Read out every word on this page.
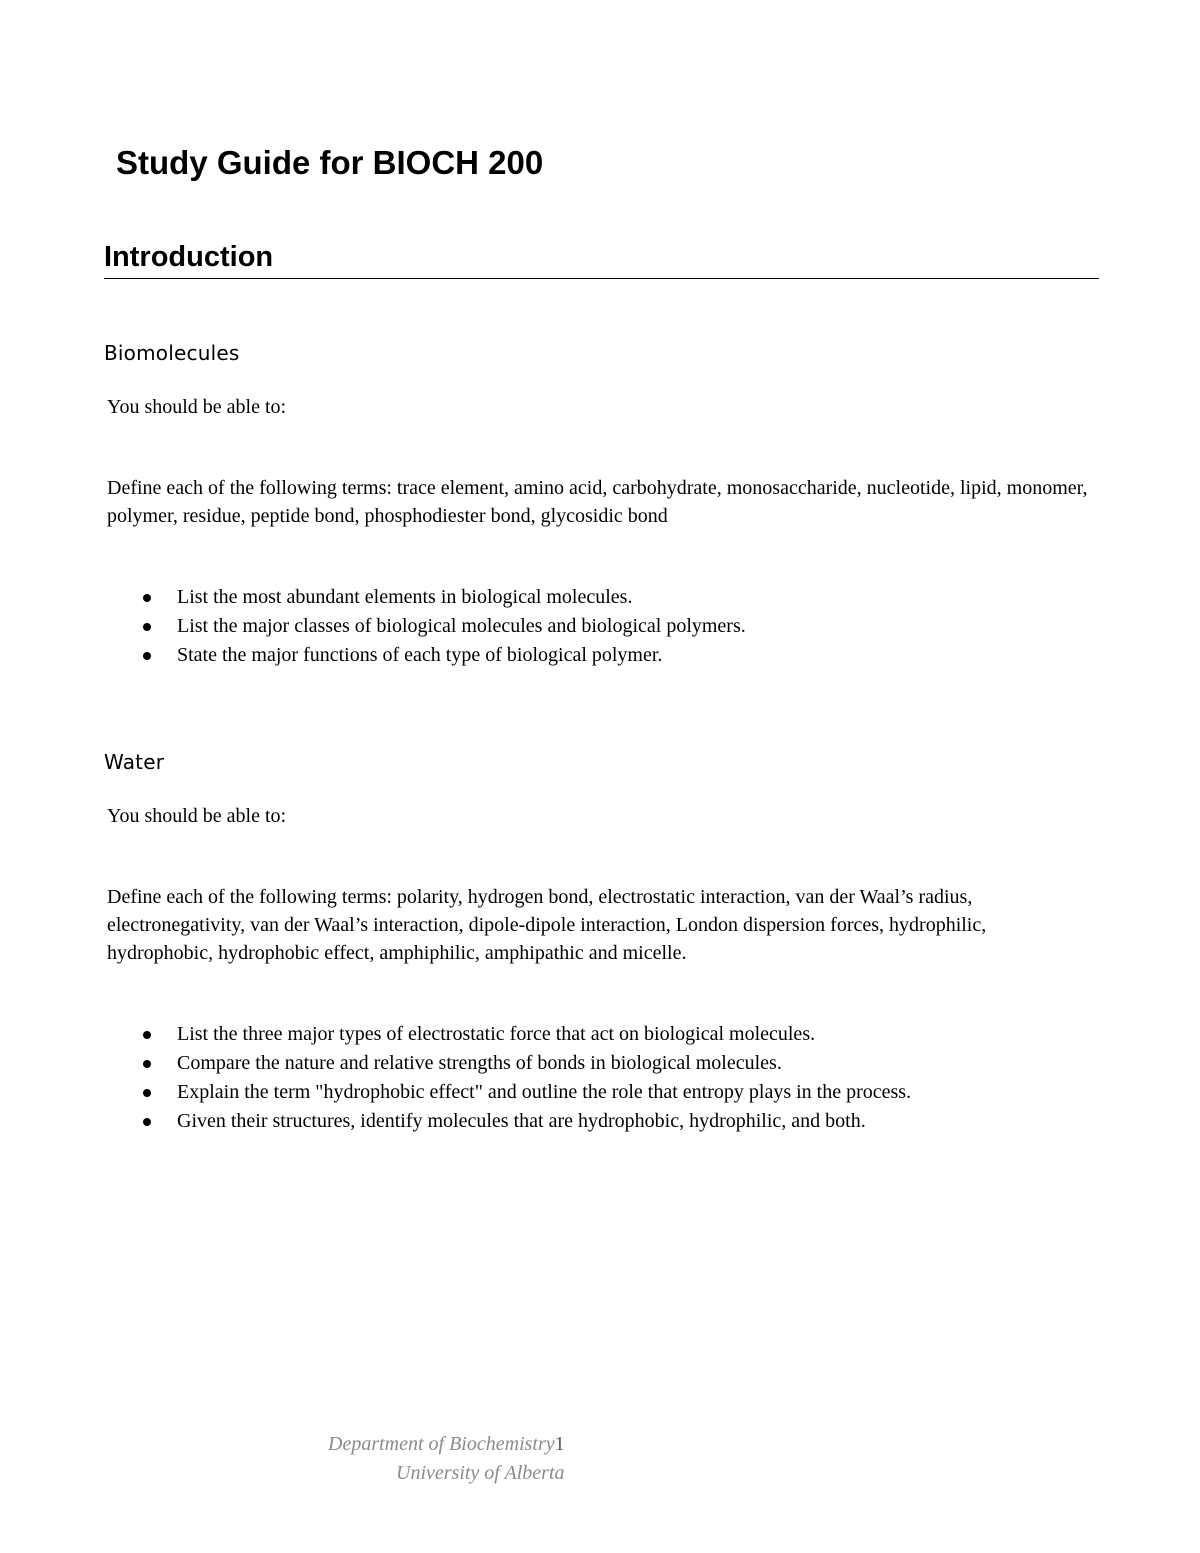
Study Guide for BIOCH 200
Introduction
Biomolecules

You should be able to:

Define each of the following terms: trace element, amino acid, carbohydrate, monosaccharide, nucleotide, lipid, monomer, polymer, residue, peptide bond, phosphodiester bond, glycosidic bond

List the most abundant elements in biological molecules.
List the major classes of biological molecules and biological polymers.
State the major functions of each type of biological polymer.
Water

You should be able to:

Define each of the following terms: polarity, hydrogen bond, electrostatic interaction, van der Waal’s radius, electronegativity, van der Waal’s interaction, dipole-dipole interaction, London dispersion forces, hydrophilic, hydrophobic, hydrophobic effect, amphiphilic, amphipathic and micelle.

List the three major types of electrostatic force that act on biological molecules.
Compare the nature and relative strengths of bonds in biological molecules.
Explain the term "hydrophobic effect" and outline the role that entropy plays in the process.
Given their structures, identify molecules that are hydrophobic, hydrophilic, and both.
Department of Biochemistry1
University of Alberta
